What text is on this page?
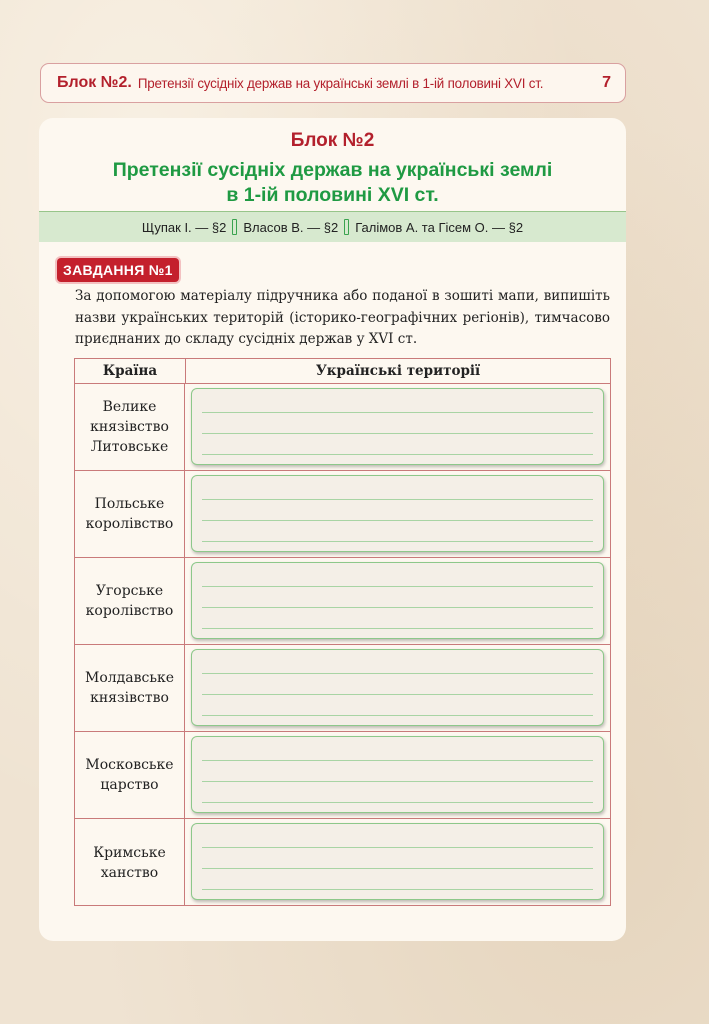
Блок №2. Претензії сусідніх держав на українські землі в 1-ій половині XVI ст.	7
Блок №2
Претензії сусідніх держав на українські землі
в 1-ій половині XVI ст.
Щупак І. — §2 Власов В. — §2 Галімов А. та Гісем О. — §2
ЗАВДАННЯ №1
За допомогою матеріалу підручника або поданої в зошиті мапи, випишіть назви українських територій (історико-географічних регіонів), тимчасово приєднаних до складу сусідніх держав у XVI ст.
Країна	Українські території
Велике князівство Литовське
Польське королівство
Угорське королівство
Молдавське князівство
Московське царство
Кримське ханство
